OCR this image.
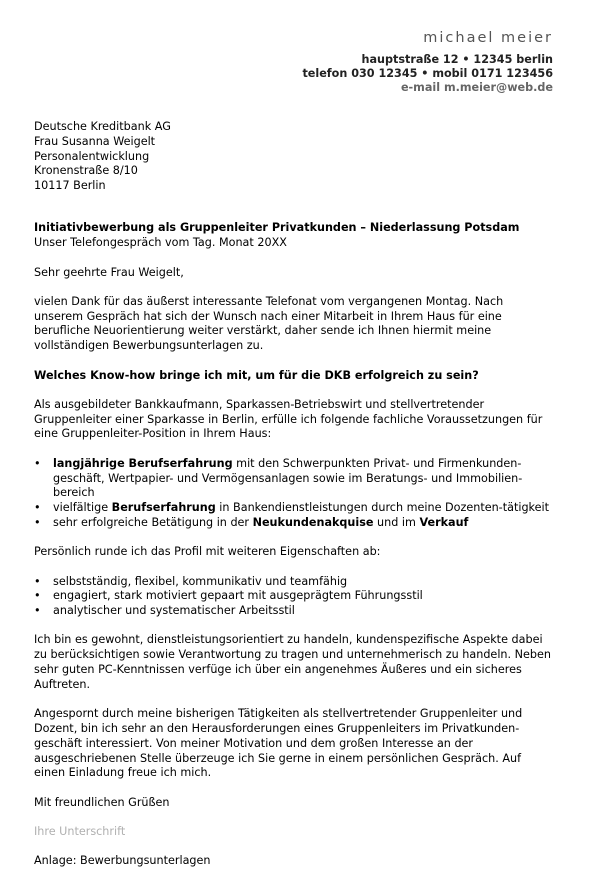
michael meier
hauptstraße 12 • 12345 berlin
telefon 030 12345 • mobil 0171 123456
e-mail m.meier@web.de
Deutsche Kreditbank AG
Frau Susanna Weigelt
Personalentwicklung
Kronenstraße 8/10
10117 Berlin
Initiativbewerbung als Gruppenleiter Privatkunden – Niederlassung Potsdam
Unser Telefongespräch vom Tag. Monat 20XX

Sehr geehrte Frau Weigelt,

vielen Dank für das äußerst interessante Telefonat vom vergangenen Montag. Nach unserem Gespräch hat sich der Wunsch nach einer Mitarbeit in Ihrem Haus für eine berufliche Neuorientierung weiter verstärkt, daher sende ich Ihnen hiermit meine vollständigen Bewerbungsunterlagen zu.

Welches Know-how bringe ich mit, um für die DKB erfolgreich zu sein?

Als ausgebildeter Bankkaufmann, Sparkassen-Betriebswirt und stellvertretender Gruppenleiter einer Sparkasse in Berlin, erfülle ich folgende fachliche Voraussetzungen für eine Gruppenleiter-Position in Ihrem Haus:

• langjährige Berufserfahrung mit den Schwerpunkten Privat- und Firmenkunden-geschäft, Wertpapier- und Vermögensanlagen sowie im Beratungs- und Immobilien-bereich
• vielfältige Berufserfahrung in Bankendienstleistungen durch meine Dozenten-tätigkeit
• sehr erfolgreiche Betätigung in der Neukundenakquise und im Verkauf

Persönlich runde ich das Profil mit weiteren Eigenschaften ab:

• selbstständig, flexibel, kommunikativ und teamfähig
• engagiert, stark motiviert gepaart mit ausgeprägtem Führungsstil
• analytischer und systematischer Arbeitsstil

Ich bin es gewohnt, dienstleistungsorientiert zu handeln, kundenspezifische Aspekte dabei zu berücksichtigen sowie Verantwortung zu tragen und unternehmerisch zu handeln. Neben sehr guten PC-Kenntnissen verfüge ich über ein angenehmes Äußeres und ein sicheres Auftreten.

Angespornt durch meine bisherigen Tätigkeiten als stellvertretender Gruppenleiter und Dozent, bin ich sehr an den Herausforderungen eines Gruppenleiters im Privatkunden-geschäft interessiert. Von meiner Motivation und dem großen Interesse an der ausgeschriebenen Stelle überzeuge ich Sie gerne in einem persönlichen Gespräch. Auf einen Einladung freue ich mich.

Mit freundlichen Grüßen

Ihre Unterschrift

Anlage: Bewerbungsunterlagen
